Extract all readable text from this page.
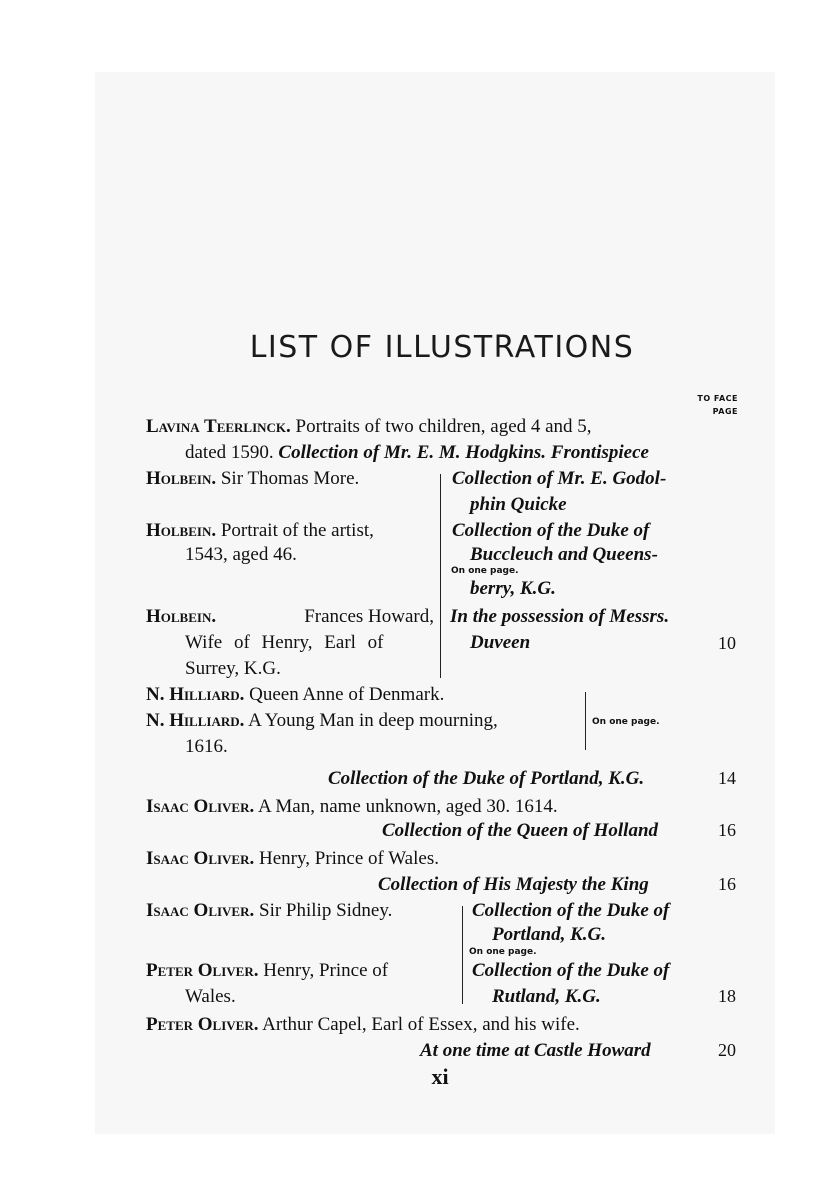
LIST OF ILLUSTRATIONS
TO FACE
PAGE
Lavina Teerlinck. Portraits of two children, aged 4 and 5,
dated 1590. Collection of Mr. E. M. Hodgkins. Frontispiece
Holbein. Sir Thomas More.	Collection of Mr. E. Godol-
phin Quicke
Holbein. Portrait of the artist,
1543, aged 46.
Collection of the Duke of
Buccleuch and Queens-
On one page.
berry, K.G.
Holbein.	Frances Howard,
Wife of Henry, Earl of
Surrey, K.G.
In the possession of Messrs.
Duveen	10
N. Hilliard. Queen Anne of Denmark.
N. Hilliard. A Young Man in deep mourning,
1616.
On one page.
Collection of the Duke of Portland, K.G.	14
Isaac Oliver. A Man, name unknown, aged 30. 1614.
Collection of the Queen of Holland	16
Isaac Oliver. Henry, Prince of Wales.
Collection of His Majesty the King	16
Isaac Oliver. Sir Philip Sidney.	Collection of the Duke of
Portland, K.G.
On one page.
Peter Oliver. Henry, Prince of
Wales.
Collection of the Duke of
Rutland, K.G.	18
Peter Oliver. Arthur Capel, Earl of Essex, and his wife.
At one time at Castle Howard	20
xi
